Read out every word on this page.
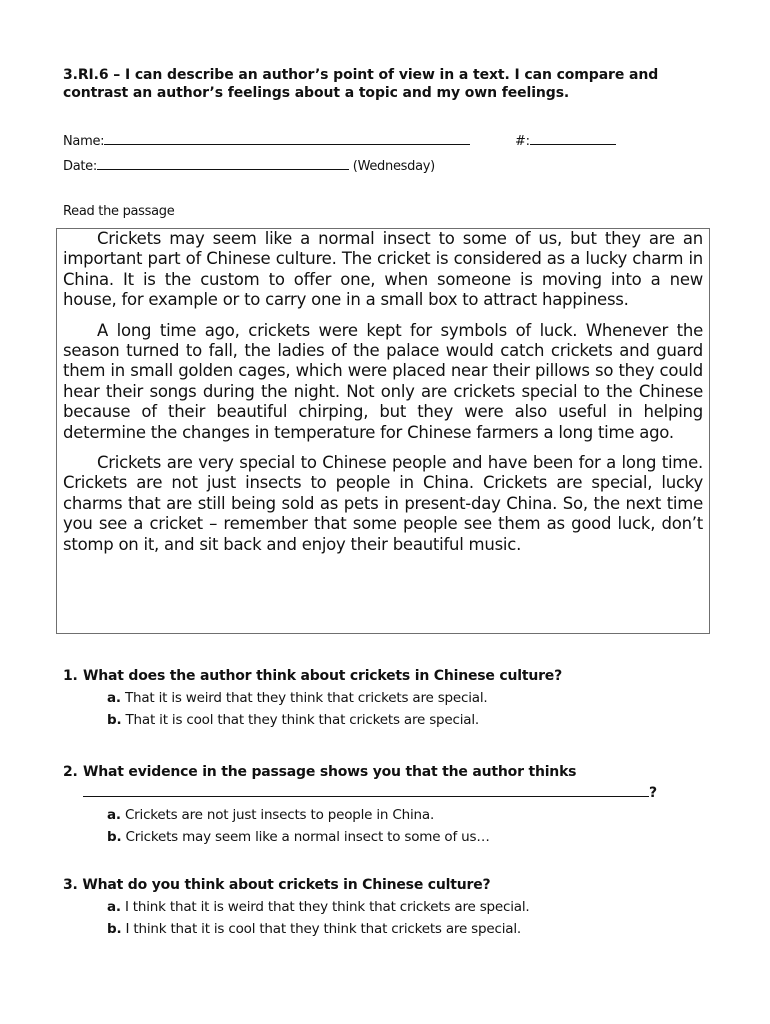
3.RI.6 – I can describe an author’s point of view in a text. I can compare and contrast an author’s feelings about a topic and my own feelings.
Name:	#:
Date:	(Wednesday)
Read the passage

Crickets may seem like a normal insect to some of us, but they are an important part of Chinese culture. The cricket is considered as a lucky charm in China. It is the custom to offer one, when someone is moving into a new house, for example or to carry one in a small box to attract happiness.

A long time ago, crickets were kept for symbols of luck. Whenever the season turned to fall, the ladies of the palace would catch crickets and guard them in small golden cages, which were placed near their pillows so they could hear their songs during the night. Not only are crickets special to the Chinese because of their beautiful chirping, but they were also useful in helping determine the changes in temperature for Chinese farmers a long time ago.

Crickets are very special to Chinese people and have been for a long time. Crickets are not just insects to people in China. Crickets are special, lucky charms that are still being sold as pets in present-day China. So, the next time you see a cricket – remember that some people see them as good luck, don’t stomp on it, and sit back and enjoy their beautiful music.

1. What does the author think about crickets in Chinese culture?
a. That it is weird that they think that crickets are special.
b. That it is cool that they think that crickets are special.
2. What evidence in the passage shows you that the author thinks
?
a. Crickets are not just insects to people in China.
b. Crickets may seem like a normal insect to some of us…
3. What do you think about crickets in Chinese culture?
a. I think that it is weird that they think that crickets are special.
b. I think that it is cool that they think that crickets are special.
